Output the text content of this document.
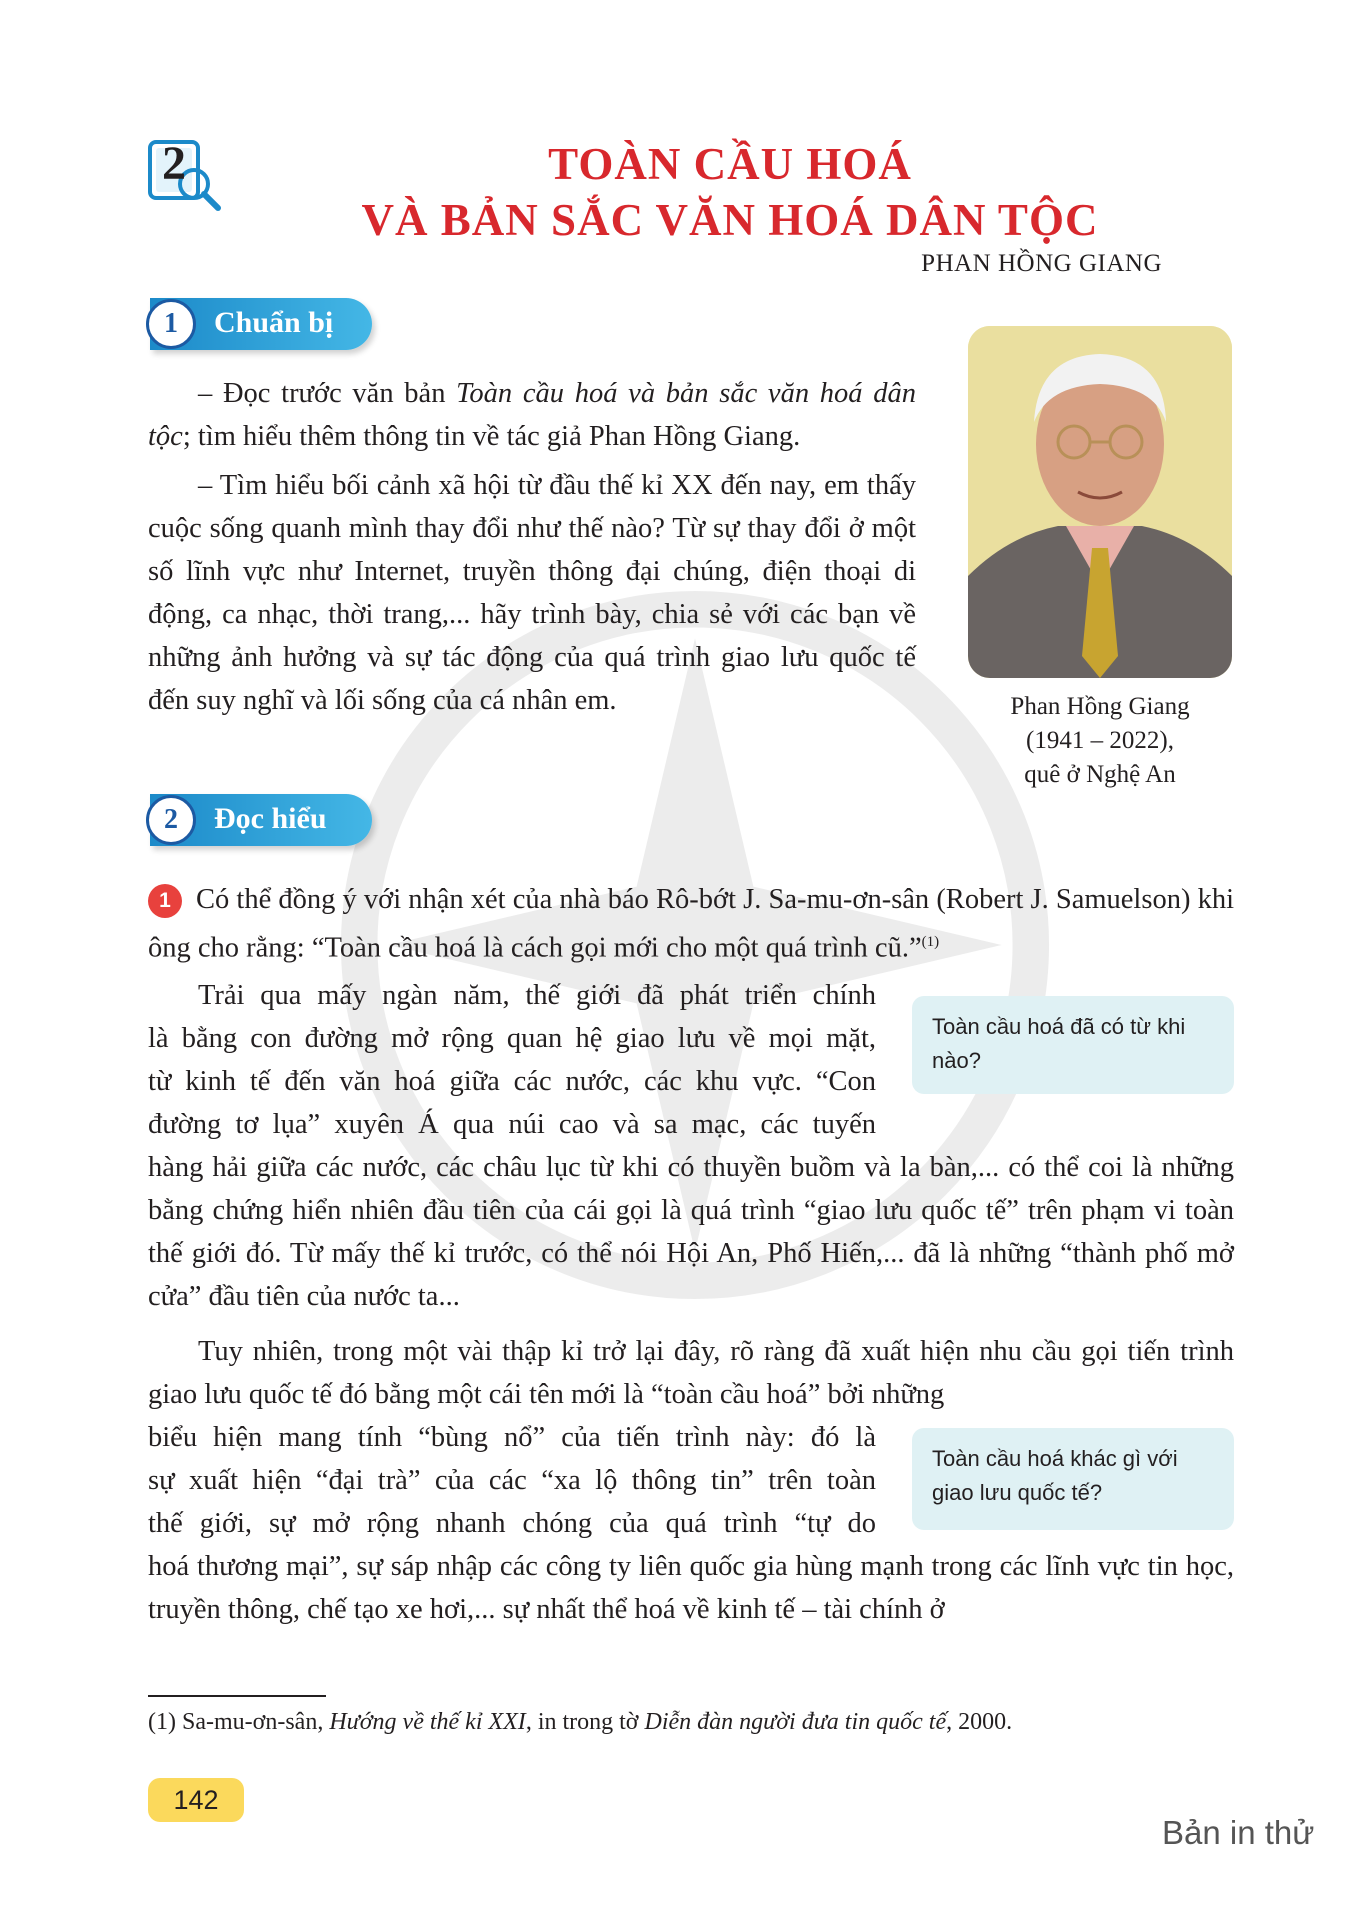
2	TOÀN CẦU HOÁ
VÀ BẢN SẮC VĂN HOÁ DÂN TỘC
PHAN HỒNG GIANG
1	Chuẩn bị

– Đọc trước văn bản Toàn cầu hoá và bản sắc văn hoá dân tộc; tìm hiểu thêm thông tin về tác giả Phan Hồng Giang.

– Tìm hiểu bối cảnh xã hội từ đầu thế kỉ XX đến nay, em thấy cuộc sống quanh mình thay đổi như thế nào? Từ sự thay đổi ở một số lĩnh vực như Internet, truyền thông đại chúng, điện thoại di động, ca nhạc, thời trang,... hãy trình bày, chia sẻ với các bạn về những ảnh hưởng và sự tác động của quá trình giao lưu quốc tế đến suy nghĩ và lối sống của cá nhân em.	Phan Hồng Giang
(1941 – 2022),
quê ở Nghệ An
2	Đọc hiểu
1 Có thể đồng ý với nhận xét của nhà báo Rô-bớt J. Sa-mu-ơn-sân (Robert J. Samuelson) khi ông cho rằng: “Toàn cầu hoá là cách gọi mới cho một quá trình cũ.”$^{(1)}$
Trải qua mấy ngàn năm, thế giới đã phát triển chính
là bằng con đường mở rộng quan hệ giao lưu về mọi mặt,
từ kinh tế đến văn hoá giữa các nước, các khu vực. “Con
đường tơ lụa” xuyên Á qua núi cao và sa mạc, các tuyến
hàng hải giữa các nước, các châu lục từ khi có thuyền buồm và la bàn,... có thể coi là những bằng chứng hiển nhiên đầu tiên của cái gọi là quá trình “giao lưu quốc tế” trên phạm vi toàn thế giới đó. Từ mấy thế kỉ trước, có thể nói Hội An, Phố Hiến,... đã là những “thành phố mở cửa” đầu tiên của nước ta...
Toàn cầu hoá đã có từ khi nào?
Tuy nhiên, trong một vài thập kỉ trở lại đây, rõ ràng đã xuất hiện nhu cầu gọi tiến trình giao lưu quốc tế đó bằng một cái tên mới là “toàn cầu hoá” bởi những
biểu hiện mang tính “bùng nổ” của tiến trình này: đó là
sự xuất hiện “đại trà” của các “xa lộ thông tin” trên toàn
thế giới, sự mở rộng nhanh chóng của quá trình “tự do
hoá thương mại”, sự sáp nhập các công ty liên quốc gia hùng mạnh trong các lĩnh vực tin học, truyền thông, chế tạo xe hơi,... sự nhất thể hoá về kinh tế – tài chính ở
Toàn cầu hoá khác gì với giao lưu quốc tế?
(1) Sa-mu-ơn-sân, Hướng về thế kỉ XXI, in trong tờ Diễn đàn người đưa tin quốc tế, 2000.
142
Bản in thử
